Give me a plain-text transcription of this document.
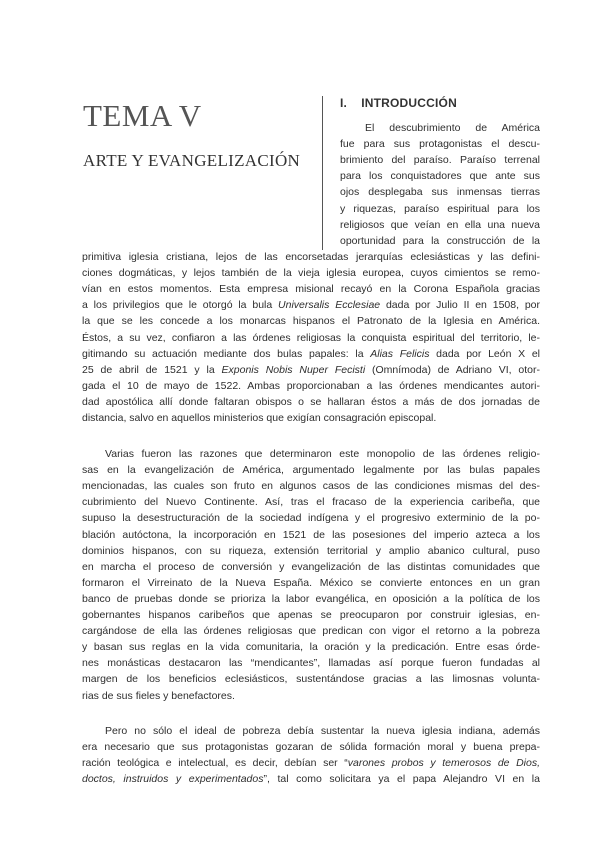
TEMA V
ARTE Y EVANGELIZACIÓN
I.    INTRODUCCIÓN
El descubrimiento de América
fue para sus protagonistas el descu-
brimiento del paraíso. Paraíso terrenal
para los conquistadores que ante sus
ojos desplegaba sus inmensas tierras
y riquezas, paraíso espiritual para los
religiosos que veían en ella una nueva
oportunidad para la construcción de la
primitiva iglesia cristiana, lejos de las encorsetadas jerarquías eclesiásticas y las defini-
ciones dogmáticas, y lejos también de la vieja iglesia europea, cuyos cimientos se remo-
vían en estos momentos. Esta empresa misional recayó en la Corona Española gracias
a los privilegios que le otorgó la bula Universalis Ecclesiae dada por Julio II en 1508, por
la que se les concede a los monarcas hispanos el Patronato de la Iglesia en América.
Éstos, a su vez, confiaron a las órdenes religiosas la conquista espiritual del territorio, le-
gitimando su actuación mediante dos bulas papales: la Alias Felicis dada por León X el
25 de abril de 1521 y la Exponis Nobis Nuper Fecisti (Omnímoda) de Adriano VI, otor-
gada el 10 de mayo de 1522. Ambas proporcionaban a las órdenes mendicantes autori-
dad apostólica allí donde faltaran obispos o se hallaran éstos a más de dos jornadas de
distancia, salvo en aquellos ministerios que exigían consagración episcopal.
Varias fueron las razones que determinaron este monopolio de las órdenes religio-
sas en la evangelización de América, argumentado legalmente por las bulas papales
mencionadas, las cuales son fruto en algunos casos de las condiciones mismas del des-
cubrimiento del Nuevo Continente. Así, tras el fracaso de la experiencia caribeña, que
supuso la desestructuración de la sociedad indígena y el progresivo exterminio de la po-
blación autóctona, la incorporación en 1521 de las posesiones del imperio azteca a los
dominios hispanos, con su riqueza, extensión territorial y amplio abanico cultural, puso
en marcha el proceso de conversión y evangelización de las distintas comunidades que
formaron el Virreinato de la Nueva España. México se convierte entonces en un gran
banco de pruebas donde se prioriza la labor evangélica, en oposición a la política de los
gobernantes hispanos caribeños que apenas se preocuparon por construir iglesias, en-
cargándose de ella las órdenes religiosas que predican con vigor el retorno a la pobreza
y basan sus reglas en la vida comunitaria, la oración y la predicación. Entre esas órde-
nes monásticas destacaron las “mendicantes”, llamadas así porque fueron fundadas al
margen de los beneficios eclesiásticos, sustentándose gracias a las limosnas volunta-
rias de sus fieles y benefactores.
Pero no sólo el ideal de pobreza debía sustentar la nueva iglesia indiana, además
era necesario que sus protagonistas gozaran de sólida formación moral y buena prepa-
ración teológica e intelectual, es decir, debían ser “varones probos y temerosos de Dios,
doctos, instruidos y experimentados”, tal como solicitara ya el papa Alejandro VI en la
